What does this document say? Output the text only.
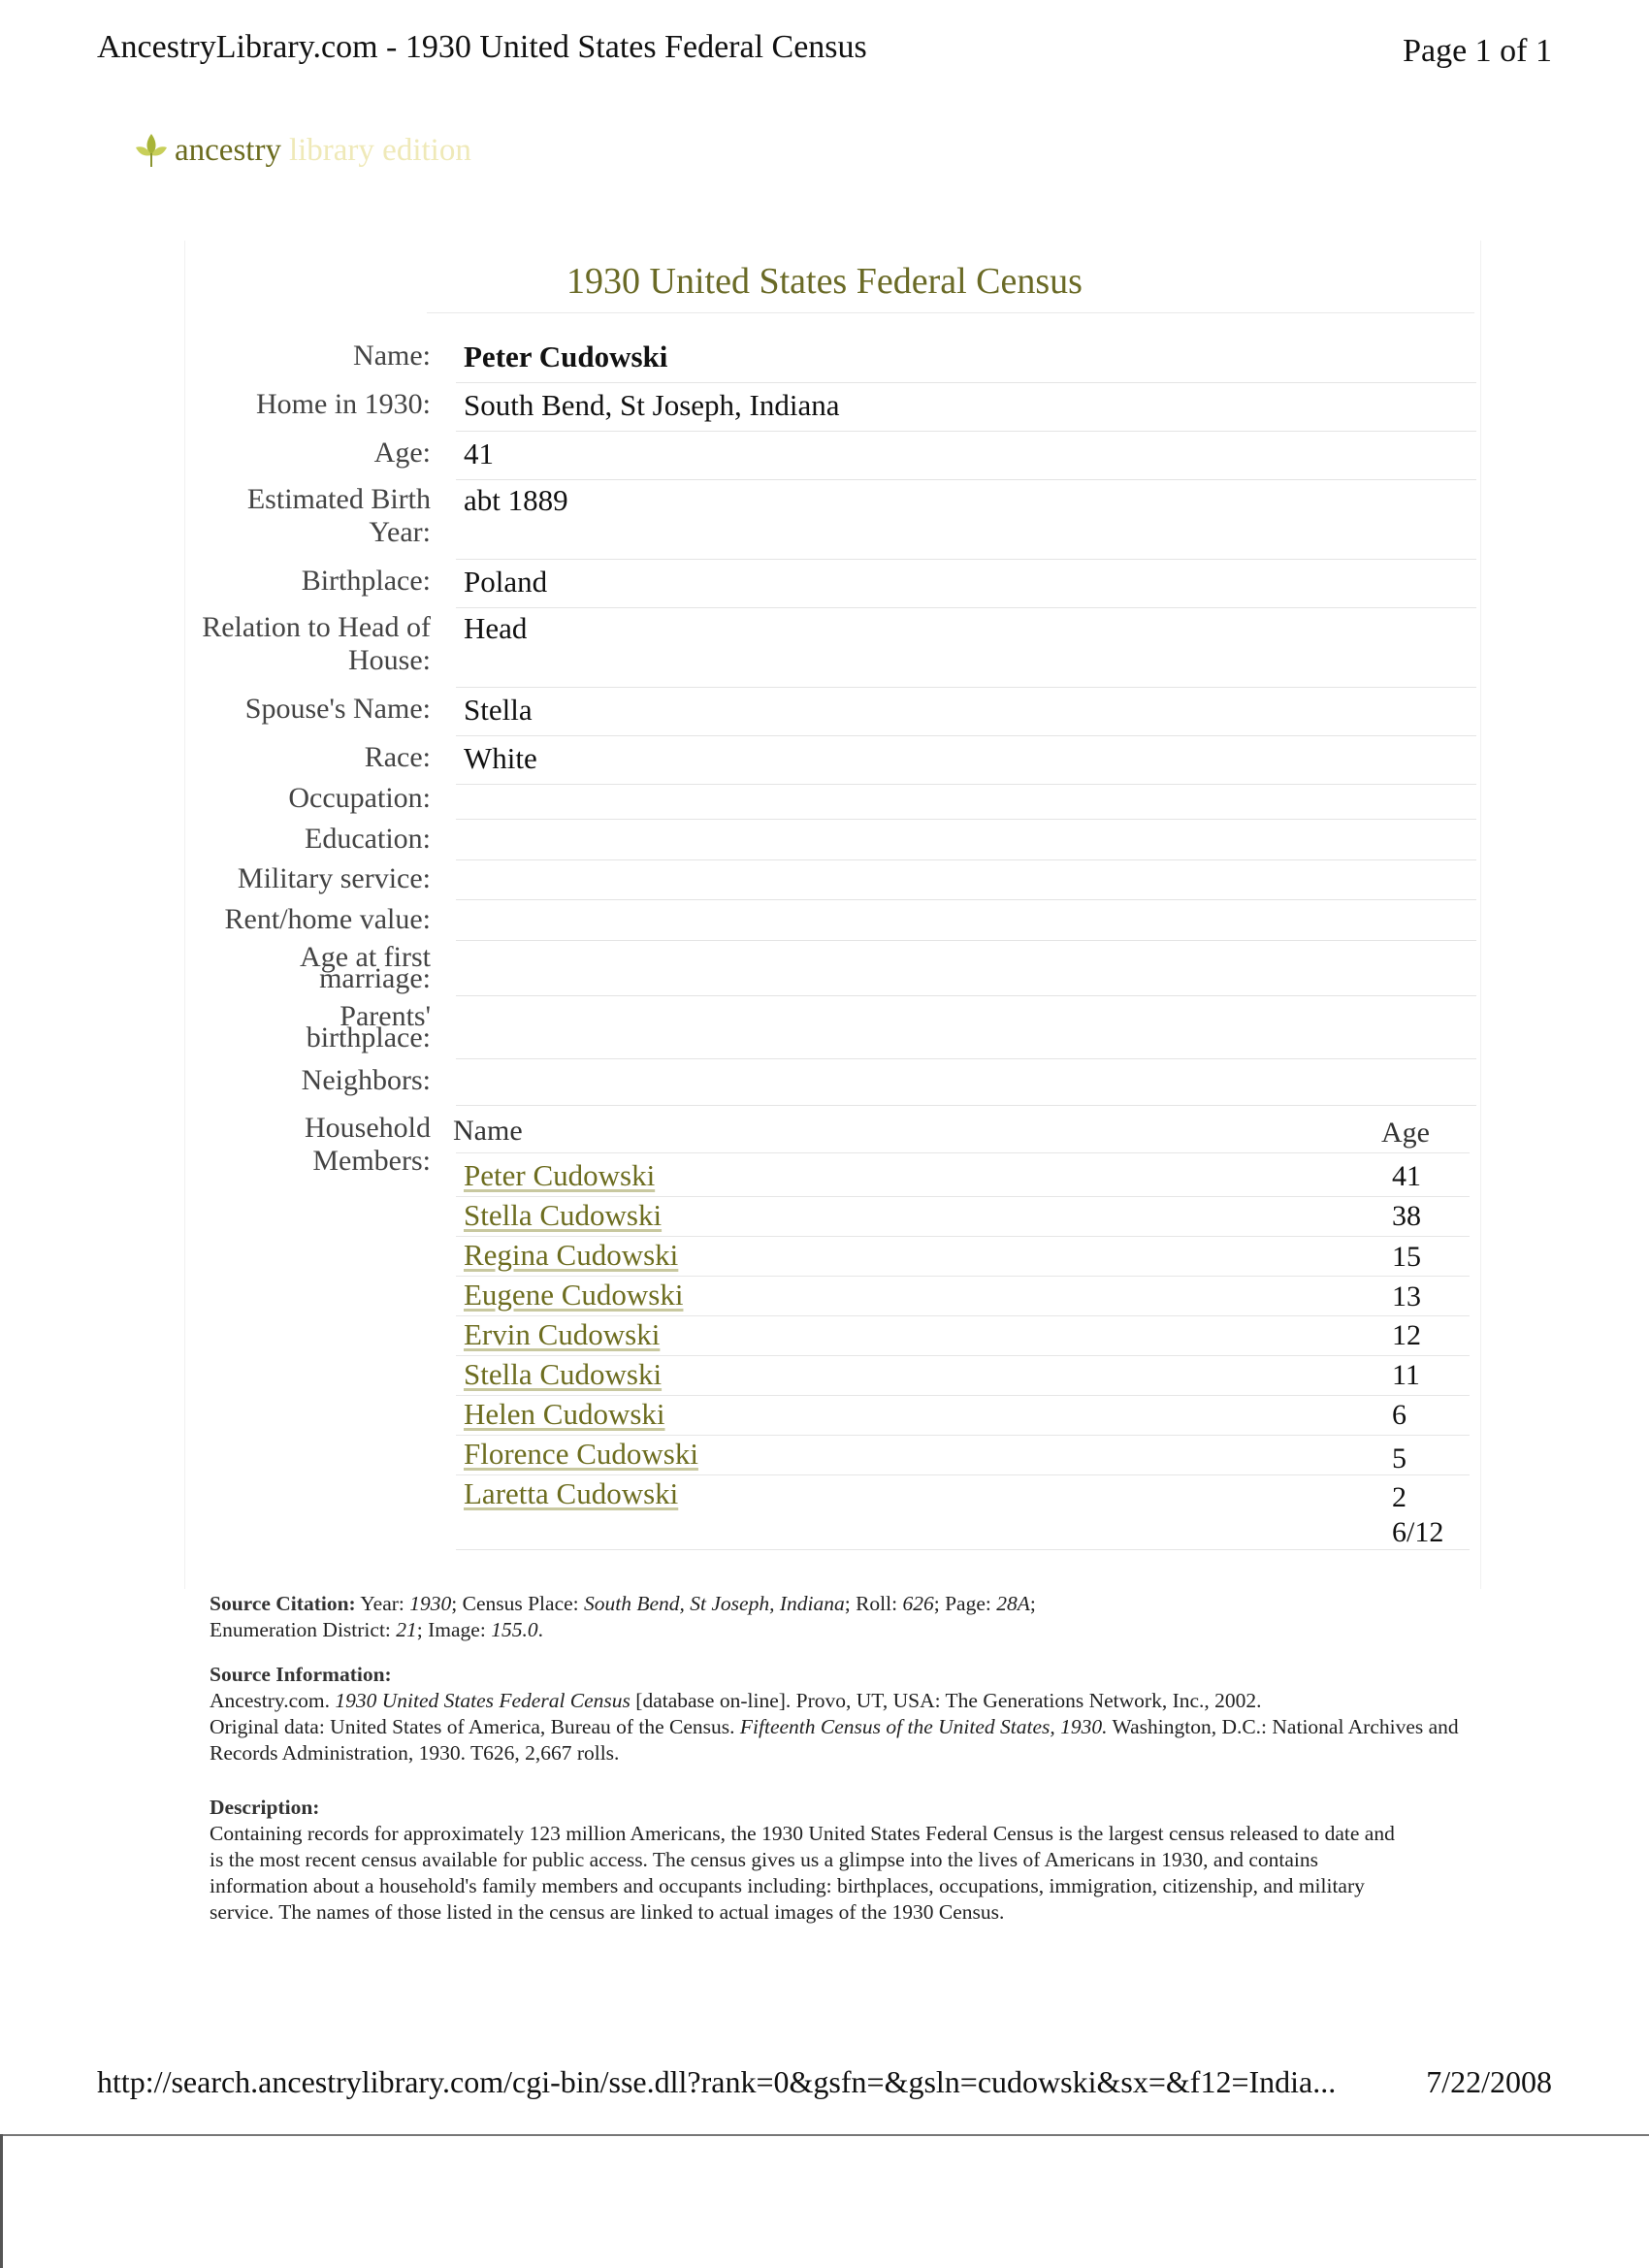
AncestryLibrary.com - 1930 United States Federal Census	Page 1 of 1
ancestry library edition
1930 United States Federal Census
Name: Peter Cudowski
Home in 1930: South Bend, St Joseph, Indiana
Age: 41
Estimated Birth Year:
abt 1889
Birthplace: Poland
Relation to Head of House:
Head
Spouse's Name: Stella
Race: White
Occupation:
Education:
Military service:
Rent/home value:
Age at first marriage:
Parents' birthplace:
Neighbors:
Household Members:
Name	Age
Peter Cudowski	41
Stella Cudowski	38
Regina Cudowski	15
Eugene Cudowski	13
Ervin Cudowski	12
Stella Cudowski	11
Helen Cudowski	6
Florence Cudowski	5
Laretta Cudowski	2 6/12
Source Citation: Year: 1930; Census Place: South Bend, St Joseph, Indiana; Roll: 626; Page: 28A;
Enumeration District: 21; Image: 155.0.
Source Information:
Ancestry.com. 1930 United States Federal Census [database on-line]. Provo, UT, USA: The Generations Network, Inc., 2002.
Original data: United States of America, Bureau of the Census. Fifteenth Census of the United States, 1930. Washington, D.C.: National Archives and Records Administration, 1930. T626, 2,667 rolls.
Description:
Containing records for approximately 123 million Americans, the 1930 United States Federal Census is the largest census released to date and is the most recent census available for public access. The census gives us a glimpse into the lives of Americans in 1930, and contains information about a household's family members and occupants including: birthplaces, occupations, immigration, citizenship, and military service. The names of those listed in the census are linked to actual images of the 1930 Census.
http://search.ancestrylibrary.com/cgi-bin/sse.dll?rank=0&gsfn=&gsln=cudowski&sx=&f12=India...	7/22/2008
